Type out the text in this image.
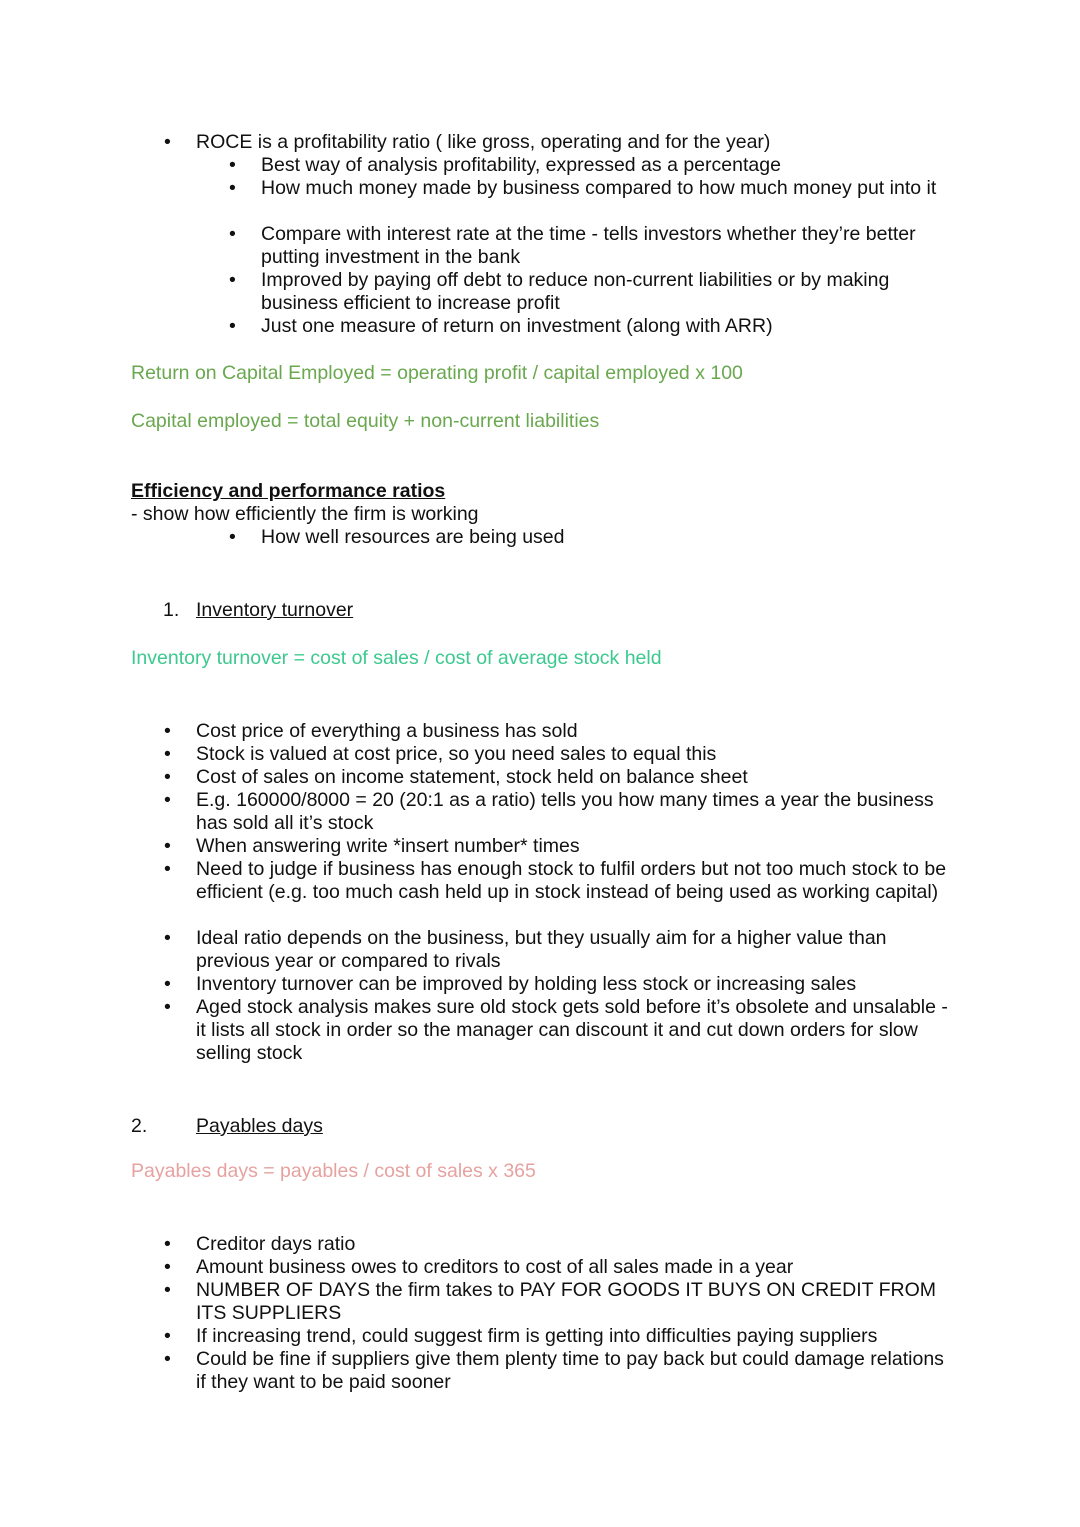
• ROCE is a profitability ratio ( like gross, operating and for the year)
• Best way of analysis profitability, expressed as a percentage
• How much money made by business compared to how much money put into it
• Compare with interest rate at the time - tells investors whether they’re better putting investment in the bank
• Improved by paying off debt to reduce non-current liabilities or by making business efficient to increase profit
• Just one measure of return on investment (along with ARR)
Return on Capital Employed = operating profit / capital employed x 100
Capital employed = total equity + non-current liabilities
Efficiency and performance ratios
- show how efficiently the firm is working
• How well resources are being used
1. Inventory turnover
Inventory turnover = cost of sales / cost of average stock held
• Cost price of everything a business has sold
• Stock is valued at cost price, so you need sales to equal this
• Cost of sales on income statement, stock held on balance sheet
• E.g. 160000/8000 = 20 (20:1 as a ratio) tells you how many times a year the business has sold all it’s stock
• When answering write *insert number* times
• Need to judge if business has enough stock to fulfil orders but not too much stock to be efficient (e.g. too much cash held up in stock instead of being used as working capital)
• Ideal ratio depends on the business, but they usually aim for a higher value than previous year or compared to rivals
• Inventory turnover can be improved by holding less stock or increasing sales
• Aged stock analysis makes sure old stock gets sold before it’s obsolete and unsalable - it lists all stock in order so the manager can discount it and cut down orders for slow selling stock
2. Payables days
Payables days = payables / cost of sales x 365
• Creditor days ratio
• Amount business owes to creditors to cost of all sales made in a year
• NUMBER OF DAYS the firm takes to PAY FOR GOODS IT BUYS ON CREDIT FROM ITS SUPPLIERS
• If increasing trend, could suggest firm is getting into difficulties paying suppliers
• Could be fine if suppliers give them plenty time to pay back but could damage relations if they want to be paid sooner
